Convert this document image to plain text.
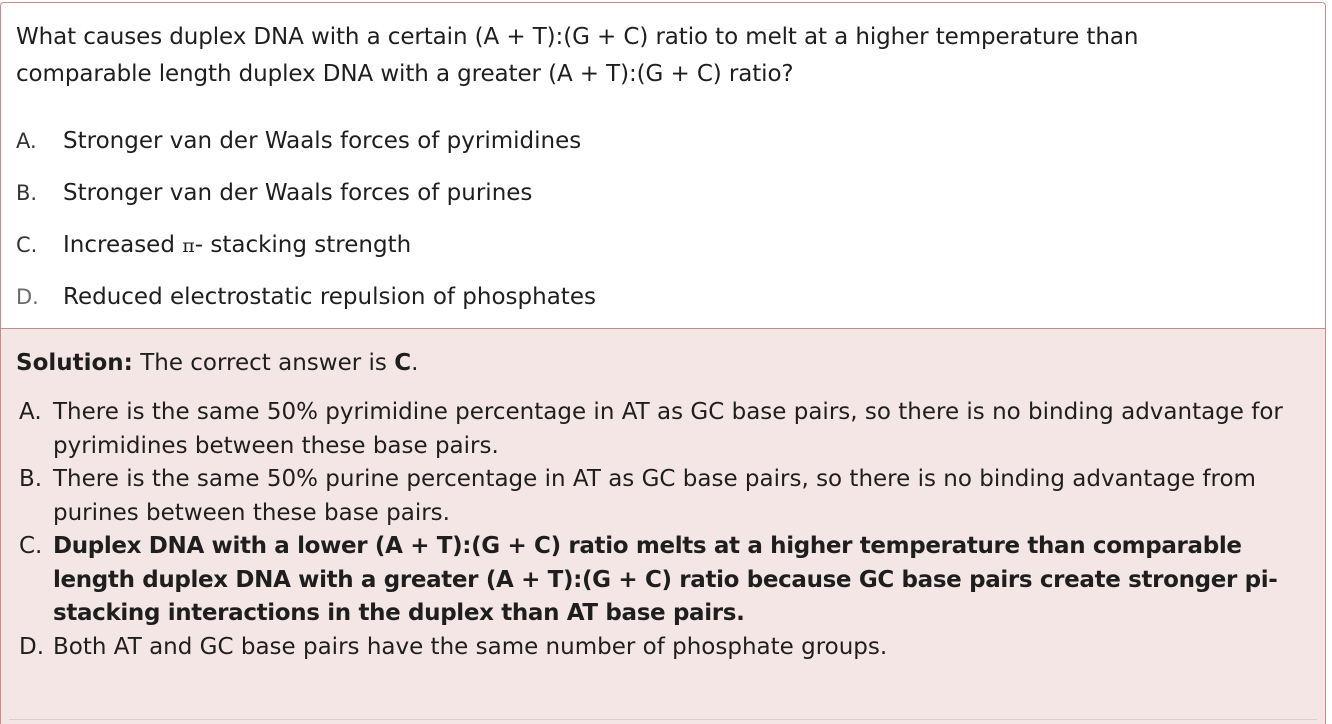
What causes duplex DNA with a certain (A + T):(G + C) ratio to melt at a higher temperature than comparable length duplex DNA with a greater (A + T):(G + C) ratio?
A.	Stronger van der Waals forces of pyrimidines
B.	Stronger van der Waals forces of purines
C.	Increased π- stacking strength
D.	Reduced electrostatic repulsion of phosphates
Solution: The correct answer is C.
A. There is the same 50% pyrimidine percentage in AT as GC base pairs, so there is no binding advantage for pyrimidines between these base pairs.
B. There is the same 50% purine percentage in AT as GC base pairs, so there is no binding advantage from purines between these base pairs.
C. Duplex DNA with a lower (A + T):(G + C) ratio melts at a higher temperature than comparable length duplex DNA with a greater (A + T):(G + C) ratio because GC base pairs create stronger pi-stacking interactions in the duplex than AT base pairs.
D. Both AT and GC base pairs have the same number of phosphate groups.
